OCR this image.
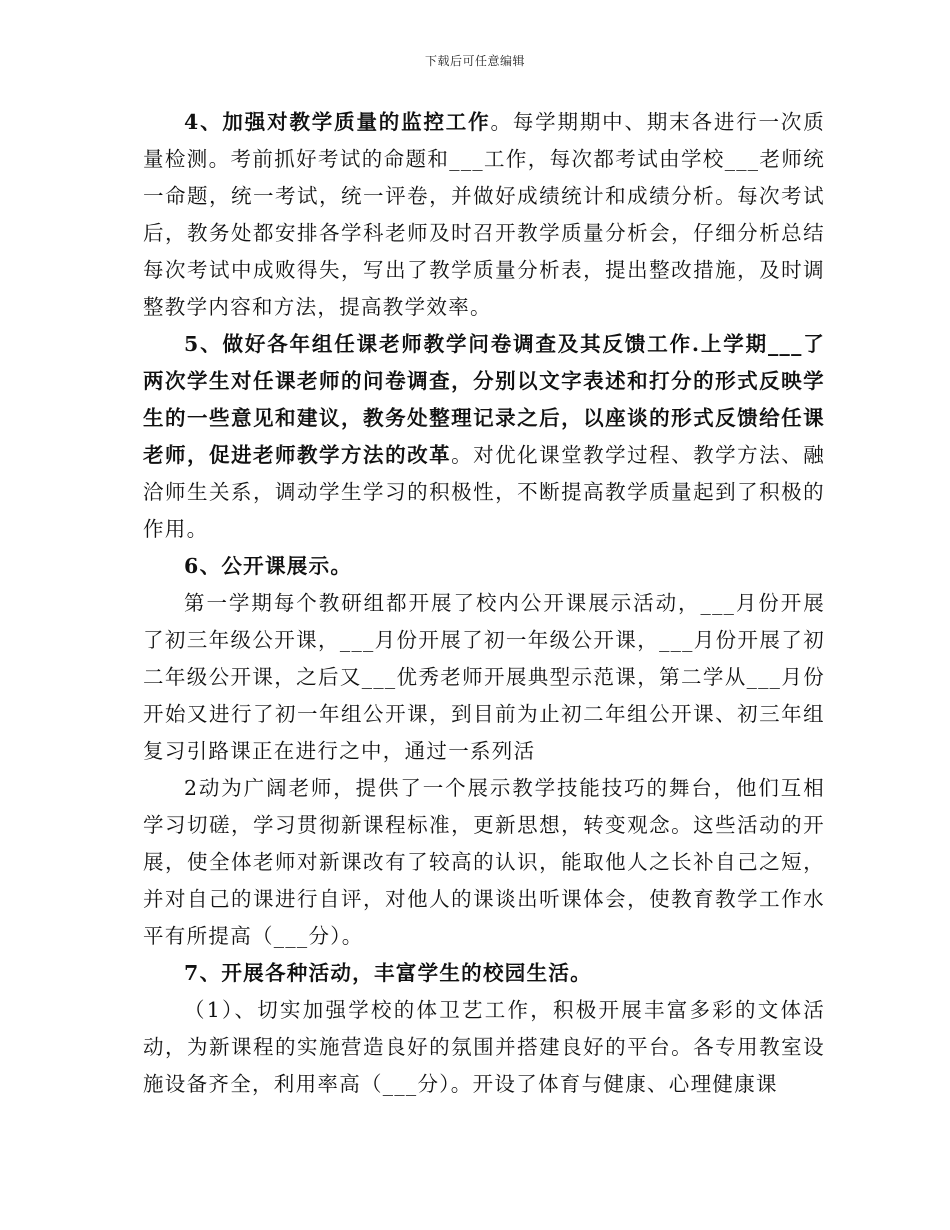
下载后可任意编辑

4、加强对教学质量的监控工作。每学期期中、期末各进行一次质量检测。考前抓好考试的命题和___工作，每次都考试由学校___老师统一命题，统一考试，统一评卷，并做好成绩统计和成绩分析。每次考试后，教务处都安排各学科老师及时召开教学质量分析会，仔细分析总结每次考试中成败得失，写出了教学质量分析表，提出整改措施，及时调整教学内容和方法，提高教学效率。

5、做好各年组任课老师教学问卷调查及其反馈工作.上学期___了两次学生对任课老师的问卷调查，分别以文字表述和打分的形式反映学生的一些意见和建议，教务处整理记录之后，以座谈的形式反馈给任课老师，促进老师教学方法的改革。对优化课堂教学过程、教学方法、融洽师生关系，调动学生学习的积极性，不断提高教学质量起到了积极的作用。

6、公开课展示。

第一学期每个教研组都开展了校内公开课展示活动，___月份开展了初三年级公开课，___月份开展了初一年级公开课，___月份开展了初二年级公开课，之后又___优秀老师开展典型示范课，第二学从___月份开始又进行了初一年组公开课，到目前为止初二年组公开课、初三年组复习引路课正在进行之中，通过一系列活

2动为广阔老师，提供了一个展示教学技能技巧的舞台，他们互相学习切磋，学习贯彻新课程标准，更新思想，转变观念。这些活动的开展，使全体老师对新课改有了较高的认识，能取他人之长补自己之短，并对自己的课进行自评，对他人的课谈出听课体会，使教育教学工作水平有所提高（___分）。

7、开展各种活动，丰富学生的校园生活。

（1）、切实加强学校的体卫艺工作，积极开展丰富多彩的文体活动，为新课程的实施营造良好的氛围并搭建良好的平台。各专用教室设施设备齐全，利用率高（___分）。开设了体育与健康、心理健康课
